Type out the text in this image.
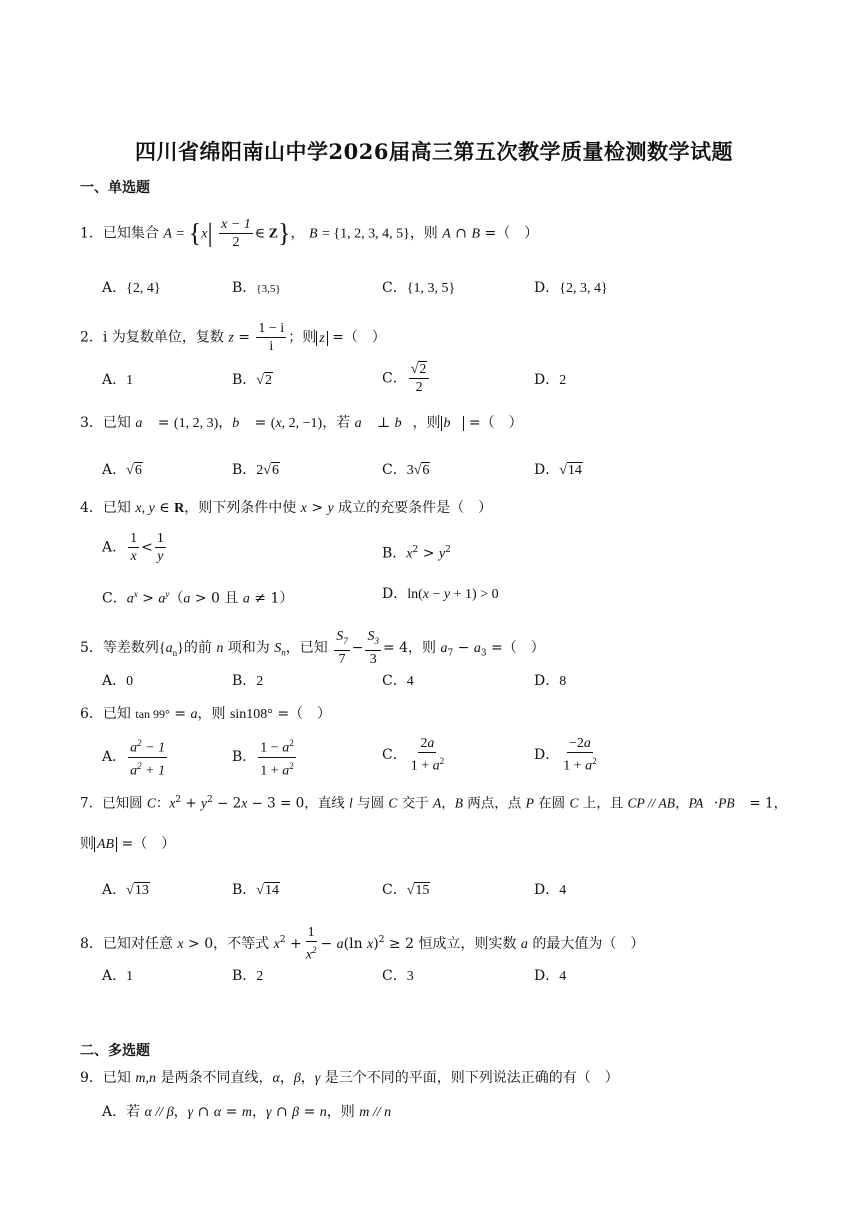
四川省绵阳南山中学2026届高三第五次教学质量检测数学试题
一、单选题
1．已知集合 $A = \{x| \frac{x - 1}{2}$ ∈ Z}， B = {1, 2, 3, 4, 5}，则 A ∩ B =（　）
A．{2, 4}	B．{3,5}	C．{1, 3, 5}	D．{2, 3, 4}
2．i 为复数单位，复数 $z = \frac{1 - i}{i}$ ；则 z =（　）
A．1	B．√2	C． $\frac{√2}{2}$	D．2
3．已知 a⃗ = (1, 2, 3)，b⃗ = (x, 2, −1)，若 a⃗ ⊥ b⃗，则 b⃗ =（　）
A．√6	B．2√6	C．3√6	D．√14
4．已知 x, y ∈ R，则下列条件中使 x > y 成立的充要条件是（　）
A． $\frac{1}{x} < \frac{1}{y}$	B．$x^2 > y^2$
C．$a^x > a^y(a > 0$ 且 a ≠ 1）	D．ln(x − y + 1) > 0
5．等差数列$\{a_n\}$的前 n 项和为 $S_n$，已知 $\frac{S_7}{7} - \frac{S_3}{3} = 4$，则 $a_7 - a_3$ =（　）
A．0	B．2	C．4	D．8
6．已知 tan 99° = a，则 sin108° =（　）
A． $\frac{a^2 - 1}{a^2 + 1}$	B． $\frac{1 - a^2}{1 + a^2}$	C． $\frac{2a}{1 + a^2}$	D． $\frac{-2a}{1 + a^2}$
7．已知圆 C：$x^2 + y^2 - 2x - 3 = 0$，直线 l 与圆 C 交于 A，B 两点，点 P 在圆 C 上，且 CP // AB，PA⃗·PB⃗ = 1，
则 AB =（　）
A．√13	B．√14	C．√15	D．4
8．已知对任意 x > 0，不等式 $x^2 + \frac{1}{x^2} - a(\ln$ x)$^2$ ≥ 2 恒成立，则实数 a 的最大值为（　）
A．1	B．2	C．3	D．4
二、多选题
9．已知 m,n 是两条不同直线，α，β，γ 是三个不同的平面，则下列说法正确的有（　）
A．若 α // β，γ ∩ α = m，γ ∩ β = n，则 m // n
